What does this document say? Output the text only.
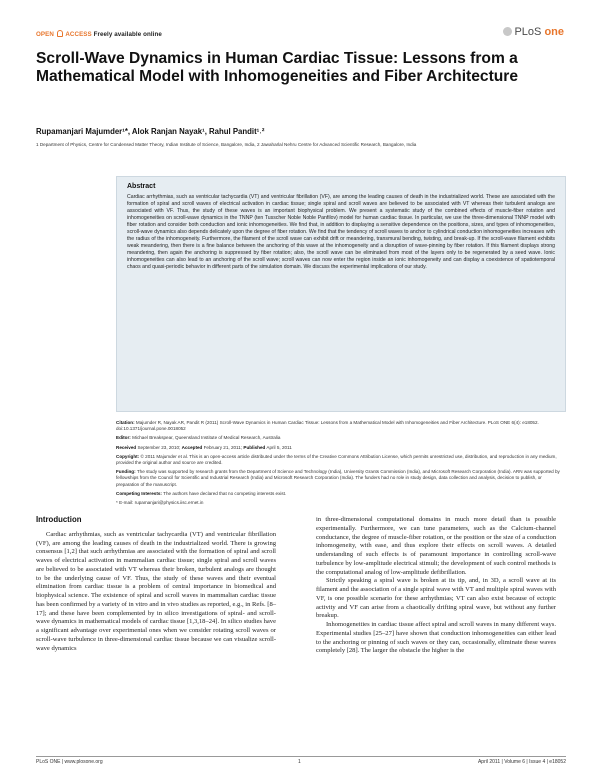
OPEN ACCESS Freely available online	PLoS one
Scroll-Wave Dynamics in Human Cardiac Tissue: Lessons from a Mathematical Model with Inhomogeneities and Fiber Architecture
Rupamanjari Majumder¹*, Alok Ranjan Nayak¹, Rahul Pandit¹˒²
1 Department of Physics, Centre for Condensed Matter Theory, Indian Institute of Science, Bangalore, India, 2 Jawaharlal Nehru Centre for Advanced Scientific Research, Bangalore, India
Abstract
Cardiac arrhythmias, such as ventricular tachycardia (VT) and ventricular fibrillation (VF), are among the leading causes of death in the industrialized world. These are associated with the formation of spiral and scroll waves of electrical activation in cardiac tissue; single spiral and scroll waves are believed to be associated with VT whereas their turbulent analogs are associated with VF. Thus, the study of these waves is an important biophysical problem. We present a systematic study of the combined effects of muscle-fiber rotation and inhomogeneities on scroll-wave dynamics in the TNNP (ten Tusscher Noble Noble Panfilov) model for human cardiac tissue. In particular, we use the three-dimensional TNNP model with fiber rotation and consider both conduction and ionic inhomogeneities. We find that, in addition to displaying a sensitive dependence on the positions, sizes, and types of inhomogeneities, scroll-wave dynamics also depends delicately upon the degree of fiber rotation. We find that the tendency of scroll waves to anchor to cylindrical conduction inhomogeneities increases with the radius of the inhomogeneity. Furthermore, the filament of the scroll wave can exhibit drift or meandering, transmural bending, twisting, and break-up. If the scroll-wave filament exhibits weak meandering, then there is a fine balance between the anchoring of this wave at the inhomogeneity and a disruption of wave-pinning by fiber rotation. If this filament displays strong meandering, then again the anchoring is suppressed by fiber rotation; also, the scroll wave can be eliminated from most of the layers only to be regenerated by a seed wave. Ionic inhomogeneities can also lead to an anchoring of the scroll wave; scroll waves can now enter the region inside an ionic inhomogeneity and can display a coexistence of spatiotemporal chaos and quasi-periodic behavior in different parts of the simulation domain. We discuss the experimental implications of our study.

Citation: Majumder R, Nayak AR, Pandit R (2011) Scroll-Wave Dynamics in Human Cardiac Tissue: Lessons from a Mathematical Model with Inhomogeneities and Fiber Architecture. PLoS ONE 6(4): e18052. doi:10.1371/journal.pone.0018052

Editor: Michael Breakspear, Queensland Institute of Medical Research, Australia

Received September 23, 2010; Accepted February 21, 2011; Published April 5, 2011

Copyright: © 2011 Majumder et al. This is an open-access article distributed under the terms of the Creative Commons Attribution License, which permits unrestricted use, distribution, and reproduction in any medium, provided the original author and source are credited.

Funding: The study was supported by research grants from the Department of Science and Technology (India), University Grants Commission (India), and Microsoft Research Corporation (India). ARN was supported by fellowships from the Council for Scientific and Industrial Research (India) and Microsoft Research Corporation (India). The funders had no role in study design, data collection and analysis, decision to publish, or preparation of the manuscript.

Competing Interests: The authors have declared that no competing interests exist.

* E-mail: rupamanjari@physics.iisc.ernet.in

Introduction

Cardiac arrhythmias, such as ventricular tachycardia (VT) and ventricular fibrillation (VF), are among the leading causes of death in the industrialized world. There is growing consensus [1,2] that such arrhythmias are associated with the formation of spiral and scroll waves of electrical activation in mammalian cardiac tissue; single spiral and scroll waves are believed to be associated with VT whereas their broken, turbulent analogs are thought to be the underlying cause of VF. Thus, the study of these waves and their eventual elimination from cardiac tissue is a problem of central importance in biomedical and biophysical science. The existence of spiral and scroll waves in mammalian cardiac tissue has been confirmed by a variety of in vitro and in vivo studies as reported, e.g., in Refs. [8–17]; and these have been complemented by in silico investigations of spiral- and scroll-wave dynamics in mathematical models of cardiac tissue [1,3,18–24]. In silico studies have a significant advantage over experimental ones when we consider rotating scroll waves or scroll-wave turbulence in three-dimensional cardiac tissue because we can visualize scroll-wave dynamics

in three-dimensional computational domains in much more detail than is possible experimentally. Furthermore, we can tune parameters, such as the Calcium-channel conductance, the degree of muscle-fiber rotation, or the position or the size of a conduction inhomogeneity, with ease, and thus explore their effects on scroll waves. A detailed understanding of such effects is of paramount importance in controlling scroll-wave turbulence by low-amplitude electrical stimuli; the development of such control methods is the computational analog of low-amplitude defibrillation.

Strictly speaking a spiral wave is broken at its tip, and, in 3D, a scroll wave at its filament and the association of a single spiral wave with VT and multiple spiral waves with VF, is one possible scenario for these arrhythmias; VT can also exist because of ectopic activity and VF can arise from a chaotically drifting spiral wave, but without any further breakup.

Inhomogeneities in cardiac tissue affect spiral and scroll waves in many different ways. Experimental studies [25–27] have shown that conduction inhomogeneities can either lead to the anchoring or pinning of such waves or they can, occasionally, eliminate these waves completely [28]. The larger the obstacle the higher is the

PLoS ONE | www.plosone.org	1	April 2011 | Volume 6 | Issue 4 | e18052
